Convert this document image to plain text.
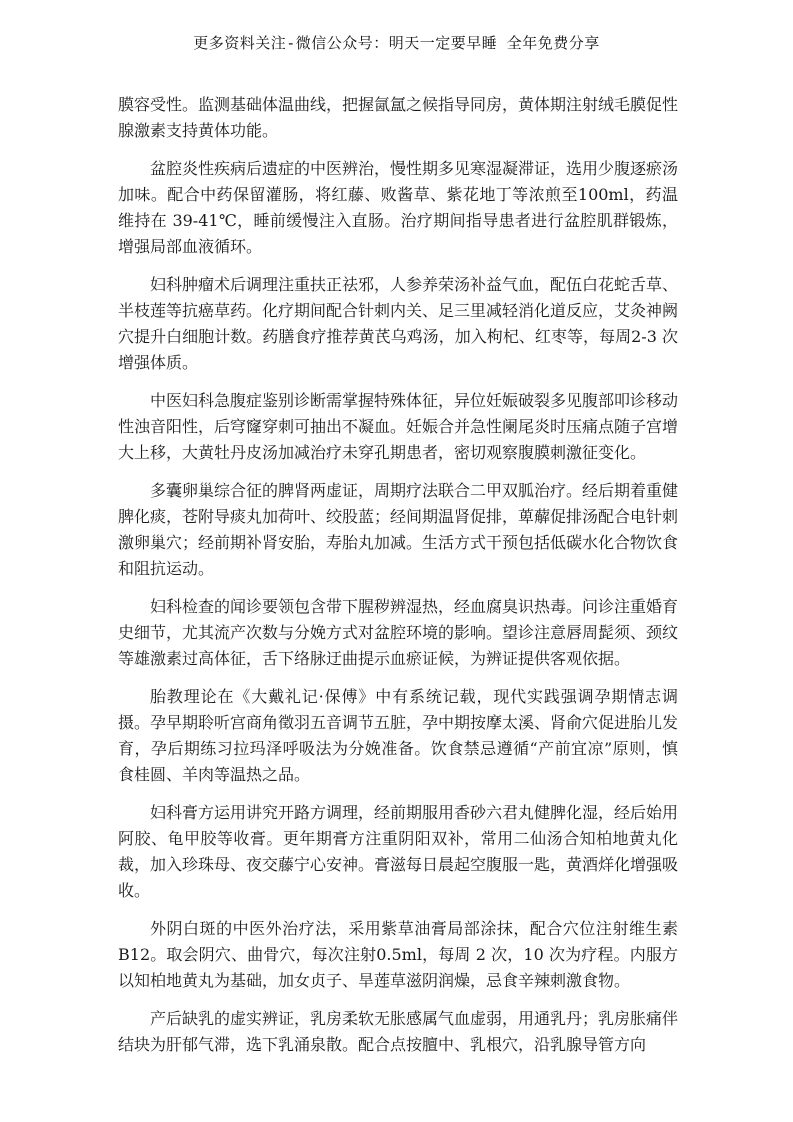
更多资料关注-微信公众号：明天一定要早睡 全年免费分享

膜容受性。监测基础体温曲线，把握氤氲之候指导同房，黄体期注射绒毛膜促性腺激素支持黄体功能。

盆腔炎性疾病后遗症的中医辨治，慢性期多见寒湿凝滞证，选用少腹逐瘀汤加味。配合中药保留灌肠，将红藤、败酱草、紫花地丁等浓煎至100ml，药温维持在 39-41℃，睡前缓慢注入直肠。治疗期间指导患者进行盆腔肌群锻炼，增强局部血液循环。

妇科肿瘤术后调理注重扶正祛邪，人参养荣汤补益气血，配伍白花蛇舌草、半枝莲等抗癌草药。化疗期间配合针刺内关、足三里减轻消化道反应，艾灸神阙穴提升白细胞计数。药膳食疗推荐黄芪乌鸡汤，加入枸杞、红枣等，每周2-3 次增强体质。

中医妇科急腹症鉴别诊断需掌握特殊体征，异位妊娠破裂多见腹部叩诊移动性浊音阳性，后穹窿穿刺可抽出不凝血。妊娠合并急性阑尾炎时压痛点随子宫增大上移，大黄牡丹皮汤加减治疗未穿孔期患者，密切观察腹膜刺激征变化。

多囊卵巢综合征的脾肾两虚证，周期疗法联合二甲双胍治疗。经后期着重健脾化痰，苍附导痰丸加荷叶、绞股蓝；经间期温肾促排，萆薢促排汤配合电针刺激卵巢穴；经前期补肾安胎，寿胎丸加减。生活方式干预包括低碳水化合物饮食和阻抗运动。

妇科检查的闻诊要领包含带下腥秽辨湿热，经血腐臭识热毒。问诊注重婚育史细节，尤其流产次数与分娩方式对盆腔环境的影响。望诊注意唇周髭须、颈纹等雄激素过高体征，舌下络脉迂曲提示血瘀证候，为辨证提供客观依据。

胎教理论在《大戴礼记·保傅》中有系统记载，现代实践强调孕期情志调摄。孕早期聆听宫商角徵羽五音调节五脏，孕中期按摩太溪、肾俞穴促进胎儿发育，孕后期练习拉玛泽呼吸法为分娩准备。饮食禁忌遵循“产前宜凉”原则，慎食桂圆、羊肉等温热之品。

妇科膏方运用讲究开路方调理，经前期服用香砂六君丸健脾化湿，经后始用阿胶、龟甲胶等收膏。更年期膏方注重阴阳双补，常用二仙汤合知柏地黄丸化裁，加入珍珠母、夜交藤宁心安神。膏滋每日晨起空腹服一匙，黄酒烊化增强吸收。

外阴白斑的中医外治疗法，采用紫草油膏局部涂抹，配合穴位注射维生素B12。取会阴穴、曲骨穴，每次注射0.5ml，每周 2 次，10 次为疗程。内服方以知柏地黄丸为基础，加女贞子、旱莲草滋阴润燥，忌食辛辣刺激食物。

产后缺乳的虚实辨证，乳房柔软无胀感属气血虚弱，用通乳丹；乳房胀痛伴结块为肝郁气滞，选下乳涌泉散。配合点按膻中、乳根穴，沿乳腺导管方向
